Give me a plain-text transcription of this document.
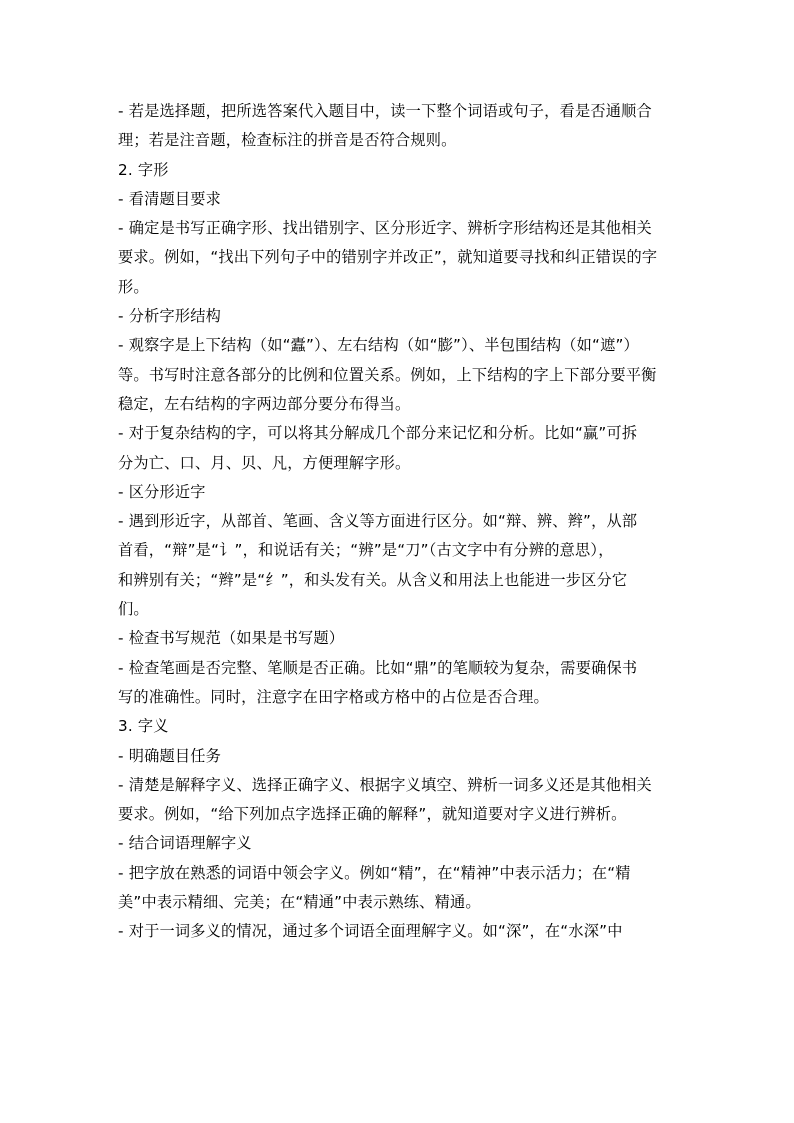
- 若是选择题，把所选答案代入题目中，读一下整个词语或句子，看是否通顺合
理；若是注音题，检查标注的拼音是否符合规则。
2. 字形
- 看清题目要求
- 确定是书写正确字形、找出错别字、区分形近字、辨析字形结构还是其他相关
要求。例如，“找出下列句子中的错别字并改正”，就知道要寻找和纠正错误的字
形。
- 分析字形结构
- 观察字是上下结构（如“蠹”）、左右结构（如“膨”）、半包围结构（如“遮”）
等。书写时注意各部分的比例和位置关系。例如，上下结构的字上下部分要平衡
稳定，左右结构的字两边部分要分布得当。
- 对于复杂结构的字，可以将其分解成几个部分来记忆和分析。比如“赢”可拆
分为亡、口、月、贝、凡，方便理解字形。
- 区分形近字
- 遇到形近字，从部首、笔画、含义等方面进行区分。如“辩、辨、辫”，从部
首看，“辩”是“讠”，和说话有关；“辨”是“刀”（古文字中有分辨的意思），
和辨别有关；“辫”是“纟”，和头发有关。从含义和用法上也能进一步区分它
们。
- 检查书写规范（如果是书写题）
- 检查笔画是否完整、笔顺是否正确。比如“鼎”的笔顺较为复杂，需要确保书
写的准确性。同时，注意字在田字格或方格中的占位是否合理。
3. 字义
- 明确题目任务
- 清楚是解释字义、选择正确字义、根据字义填空、辨析一词多义还是其他相关
要求。例如，“给下列加点字选择正确的解释”，就知道要对字义进行辨析。
- 结合词语理解字义
- 把字放在熟悉的词语中领会字义。例如“精”，在“精神”中表示活力；在“精
美”中表示精细、完美；在“精通”中表示熟练、精通。
- 对于一词多义的情况，通过多个词语全面理解字义。如“深”，在“水深”中
